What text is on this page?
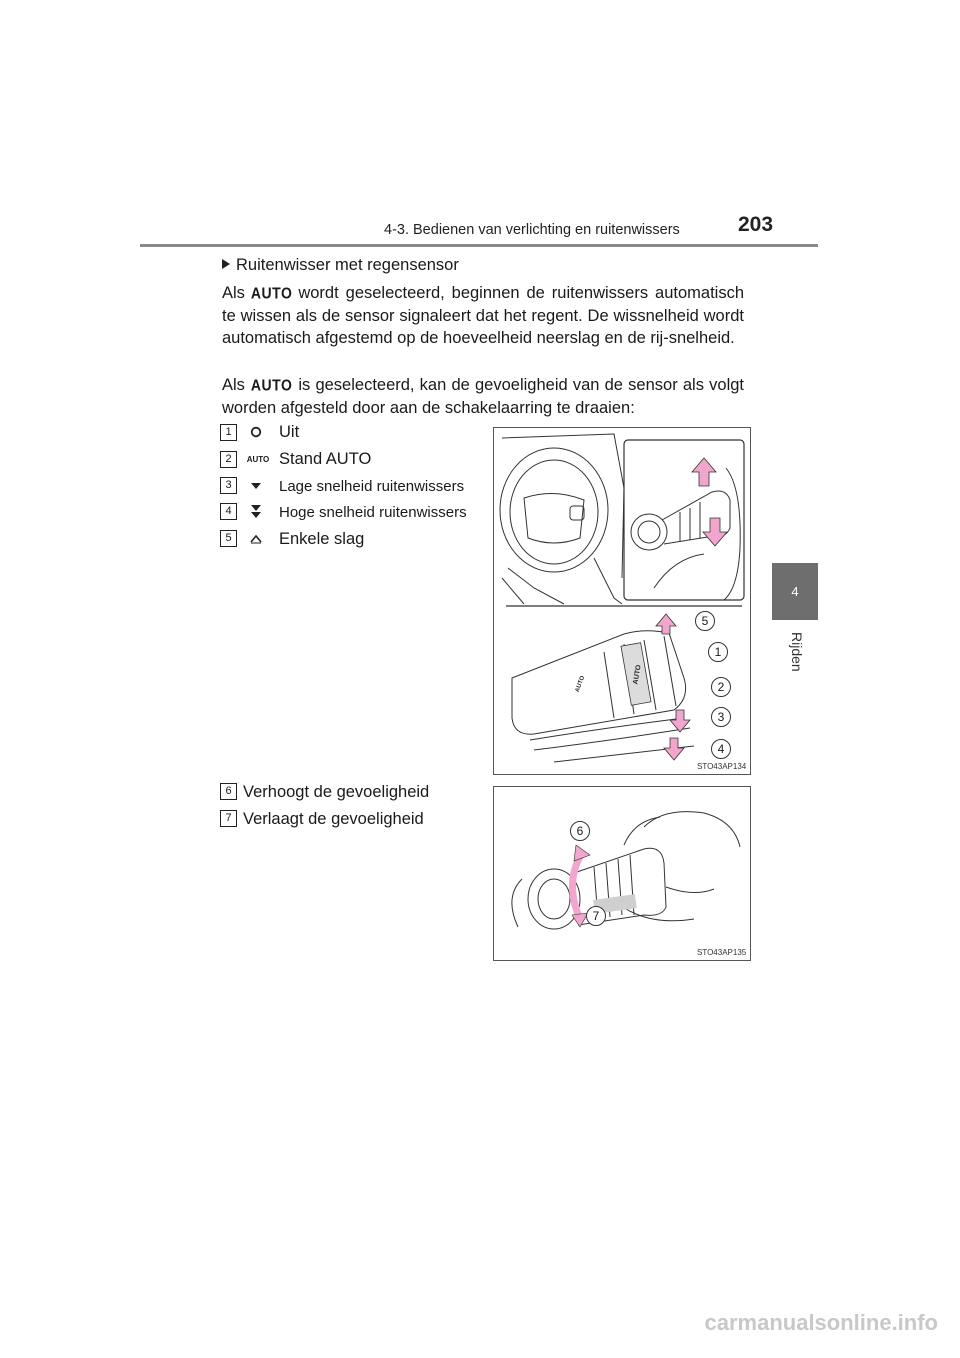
4-3. Bedienen van verlichting en ruitenwissers	203
4
Rijden
Ruitenwisser met regensensor
Als AUTO wordt geselecteerd, beginnen de ruitenwissers automatisch te wissen als de sensor signaleert dat het regent. De wissnelheid wordt automatisch afgestemd op de hoeveelheid neerslag en de rij-snelheid.
Als AUTO is geselecteerd, kan de gevoeligheid van de sensor als volgt worden afgesteld door aan de schakelaarring te draaien:
1	Uit
2	AUTO Stand AUTO
3	Lage snelheid ruitenwissers
4	Hoge snelheid ruitenwissers
5	Enkele slag
AUTO
AUTO
5
1
2
3
4
STO43AP134
6 Verhoogt de gevoeligheid
7 Verlaagt de gevoeligheid
6
7
STO43AP135
carmanualsonline.info
